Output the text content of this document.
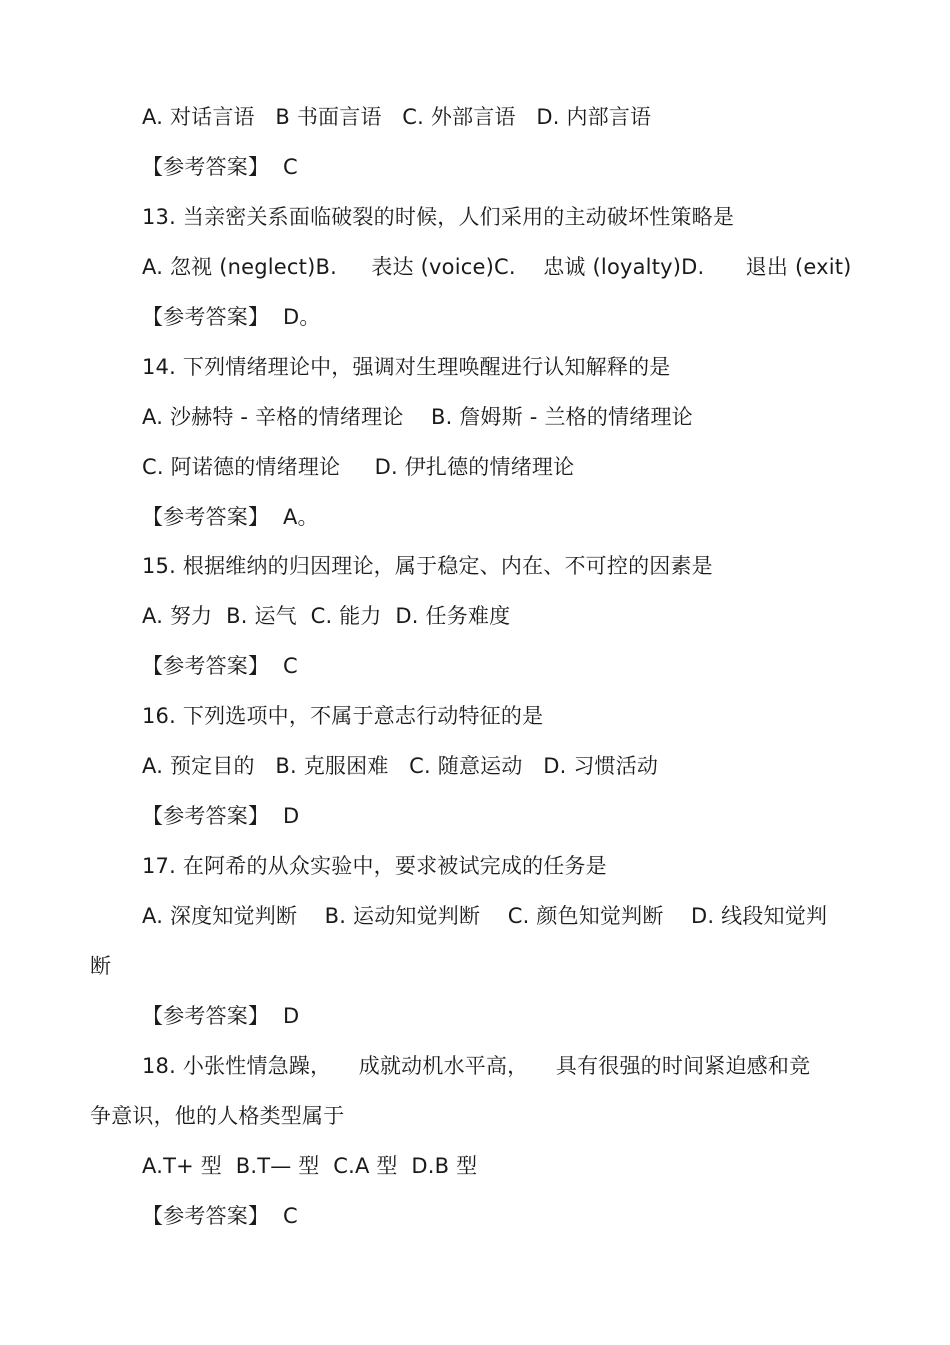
A. 对话言语   B 书面言语   C. 外部言语   D. 内部言语
【参考答案】  C
13. 当亲密关系面临破裂的时候，人们采用的主动破坏性策略是
A. 忽视 (neglect)B.     表达 (voice)C.    忠诚 (loyalty)D.      退出 (exit)
【参考答案】  D。
14. 下列情绪理论中，强调对生理唤醒进行认知解释的是
A. 沙赫特 - 辛格的情绪理论    B. 詹姆斯 - 兰格的情绪理论
C. 阿诺德的情绪理论     D. 伊扎德的情绪理论
【参考答案】  A。
15. 根据维纳的归因理论，属于稳定、内在、不可控的因素是
A. 努力  B. 运气  C. 能力  D. 任务难度
【参考答案】  C
16. 下列选项中，不属于意志行动特征的是
A. 预定目的   B. 克服困难   C. 随意运动   D. 习惯活动
【参考答案】  D
17. 在阿希的从众实验中，要求被试完成的任务是
A. 深度知觉判断    B. 运动知觉判断    C. 颜色知觉判断    D. 线段知觉判
断
【参考答案】  D
18. 小张性情急躁，    成就动机水平高，    具有很强的时间紧迫感和竞
争意识，他的人格类型属于
A.T+ 型  B.T— 型  C.A 型  D.B 型
【参考答案】  C
